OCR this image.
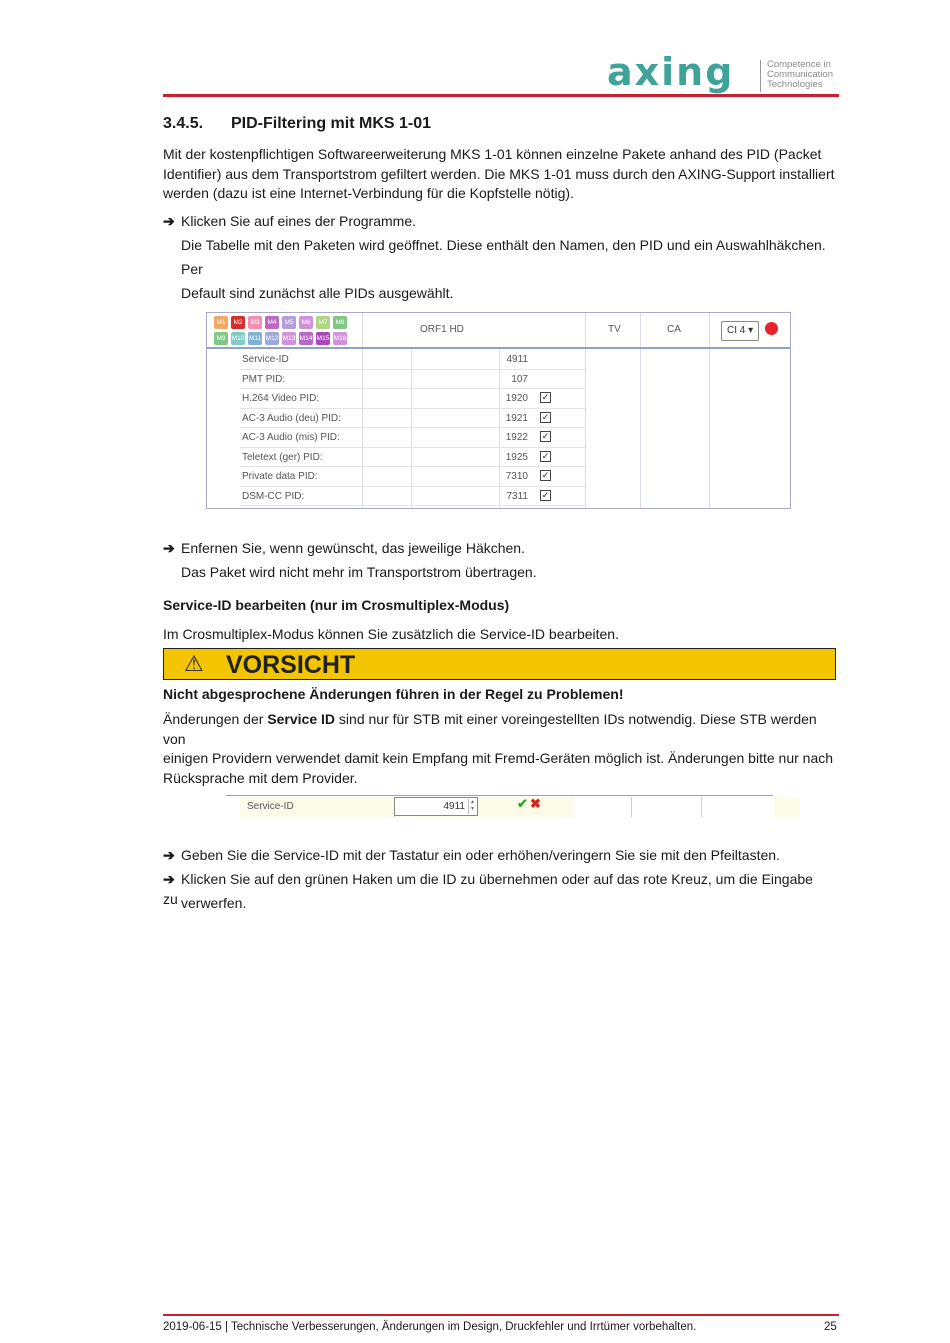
axing	Competence in
Communication
Technologies
3.4.5. PID-Filtering mit MKS 1-01
Mit der kostenpflichtigen Softwareerweiterung MKS 1-01 können einzelne Pakete anhand des PID (Packet
Identifier) aus dem Transportstrom gefiltert werden. Die MKS 1-01 muss durch den AXING-Support installiert
werden (dazu ist eine Internet-Verbindung für die Kopfstelle nötig).
➔ Klicken Sie auf eines der Programme.
Die Tabelle mit den Paketen wird geöffnet. Diese enthält den Namen, den PID und ein Auswahlhäkchen. Per
Default sind zunächst alle PIDs ausgewählt.
M1	M2	M3	M4	M5	M6	M7	M8
M9 M10 M11 M12 M13 M14 M15 M16
ORF1 HD	TV	CA	CI 4 ▾
Service-ID	4911
PMT PID:	107
H.264 Video PID:	1920 ✓
AC-3 Audio (deu) PID:	1921 ✓
AC-3 Audio (mis) PID:	1922 ✓
Teletext (ger) PID:	1925 ✓
Private data PID:	7310 ✓
DSM-CC PID:	7311 ✓
➔ Enfernen Sie, wenn gewünscht, das jeweilige Häkchen.
Das Paket wird nicht mehr im Transportstrom übertragen.
Service-ID bearbeiten (nur im Crosmultiplex-Modus)
Im Crosmultiplex-Modus können Sie zusätzlich die Service-ID bearbeiten.
⚠ VORSICHT
Nicht abgesprochene Änderungen führen in der Regel zu Problemen!
Änderungen der Service ID sind nur für STB mit einer voreingestellten IDs notwendig. Diese STB werden von
einigen Providern verwendet damit kein Empfang mit Fremd-Geräten möglich ist. Änderungen bitte nur nach
Rücksprache mit dem Provider.
Service-ID	4911 ▲
▼	✔ ✖
➔ Geben Sie die Service-ID mit der Tastatur ein oder erhöhen/veringern Sie sie mit den Pfeiltasten.
➔ Klicken Sie auf den grünen Haken um die ID zu übernehmen oder auf das rote Kreuz, um die Eingabe zu verwerfen.
2019-06-15 | Technische Verbesserungen, Änderungen im Design, Druckfehler und Irrtümer vorbehalten.	25
